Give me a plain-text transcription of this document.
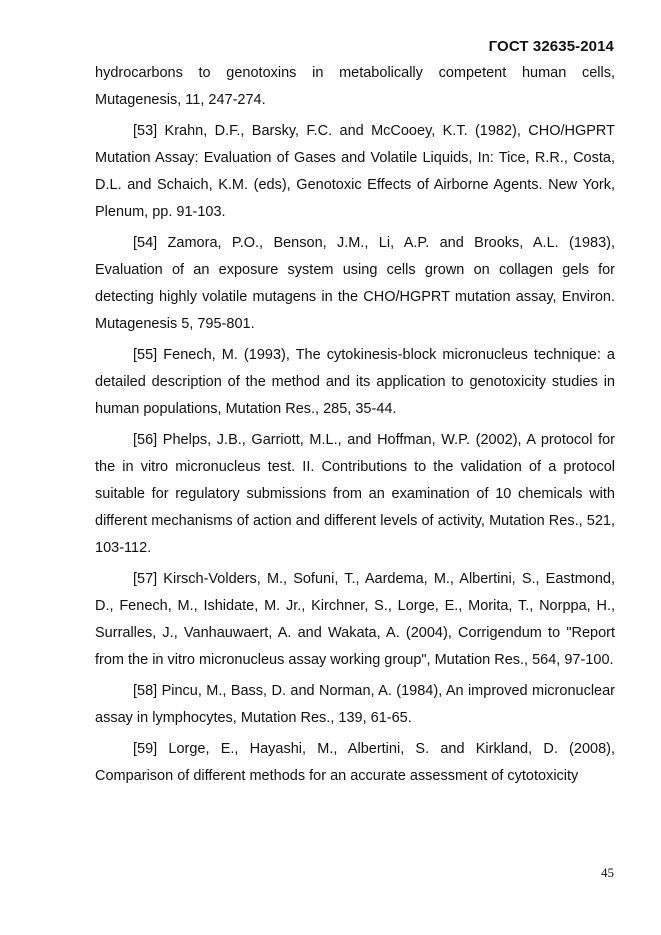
ГОСТ 32635-2014

hydrocarbons to genotoxins in metabolically competent human cells, Mutagenesis, 11, 247-274.

[53] Krahn, D.F., Barsky, F.C. and McCooey, K.T. (1982), CHO/HGPRT Mutation Assay: Evaluation of Gases and Volatile Liquids, In: Tice, R.R., Costa, D.L. and Schaich, K.M. (eds), Genotoxic Effects of Airborne Agents. New York, Plenum, pp. 91-103.

[54] Zamora, P.O., Benson, J.M., Li, A.P. and Brooks, A.L. (1983), Evaluation of an exposure system using cells grown on collagen gels for detecting highly volatile mutagens in the CHO/HGPRT mutation assay, Environ. Mutagenesis 5, 795-801.

[55] Fenech, M. (1993), The cytokinesis-block micronucleus technique: a detailed description of the method and its application to genotoxicity studies in human populations, Mutation Res., 285, 35-44.

[56] Phelps, J.B., Garriott, M.L., and Hoffman, W.P. (2002), A protocol for the in vitro micronucleus test. II. Contributions to the validation of a protocol suitable for regulatory submissions from an examination of 10 chemicals with different mechanisms of action and different levels of activity, Mutation Res., 521, 103-112.

[57] Kirsch-Volders, M., Sofuni, T., Aardema, M., Albertini, S., Eastmond, D., Fenech, M., Ishidate, M. Jr., Kirchner, S., Lorge, E., Morita, T., Norppa, H., Surralles, J., Vanhauwaert, A. and Wakata, A. (2004), Corrigendum to "Report from the in vitro micronucleus assay working group", Mutation Res., 564, 97-100.

[58] Pincu, M., Bass, D. and Norman, A. (1984), An improved micronuclear assay in lymphocytes, Mutation Res., 139, 61-65.

[59] Lorge, E., Hayashi, M., Albertini, S. and Kirkland, D. (2008), Comparison of different methods for an accurate assessment of cytotoxicity

45
